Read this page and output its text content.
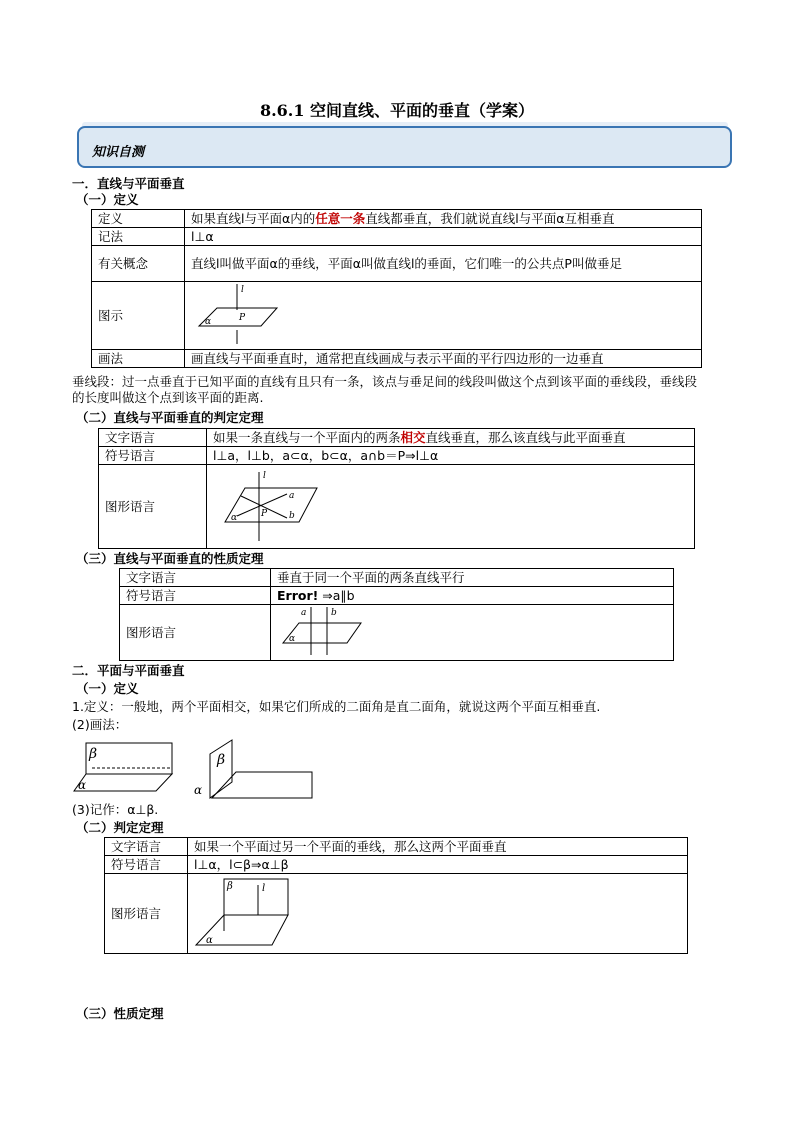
8.6.1 空间直线、平面的垂直（学案）
知识自测
一．直线与平面垂直
（一）定义
定义	如果直线l与平面α内的任意一条直线都垂直，我们就说直线l与平面α互相垂直
记法	l⊥α
有关概念	直线l叫做平面α的垂线，平面α叫做直线l的垂面，它们唯一的公共点P叫做垂足
图示	l
P
α

画法	画直线与平面垂直时，通常把直线画成与表示平面的平行四边形的一边垂直
垂线段：过一点垂直于已知平面的直线有且只有一条，该点与垂足间的线段叫做这个点到该平面的垂线段，垂线段的长度叫做这个点到该平面的距离.
（二）直线与平面垂直的判定定理
文字语言	如果一条直线与一个平面内的两条相交直线垂直，那么该直线与此平面垂直
符号语言	l⊥a，l⊥b，a⊂α，b⊂α，a∩b＝P⇒l⊥α
图形语言	l
a
b
P
α
（三）直线与平面垂直的性质定理
文字语言	垂直于同一个平面的两条直线平行
符号语言	Error! ⇒a∥b
图形语言	a b
α
二．平面与平面垂直
（一）定义
1.定义：一般地，两个平面相交，如果它们所成的二面角是直二面角，就说这两个平面互相垂直.
(2)画法：
β
α
β
α
(3)记作：α⊥β.
（二）判定定理
文字语言	如果一个平面过另一个平面的垂线，那么这两个平面垂直
符号语言	l⊥α，l⊂β⇒α⊥β
图形语言	β l
α
（三）性质定理
